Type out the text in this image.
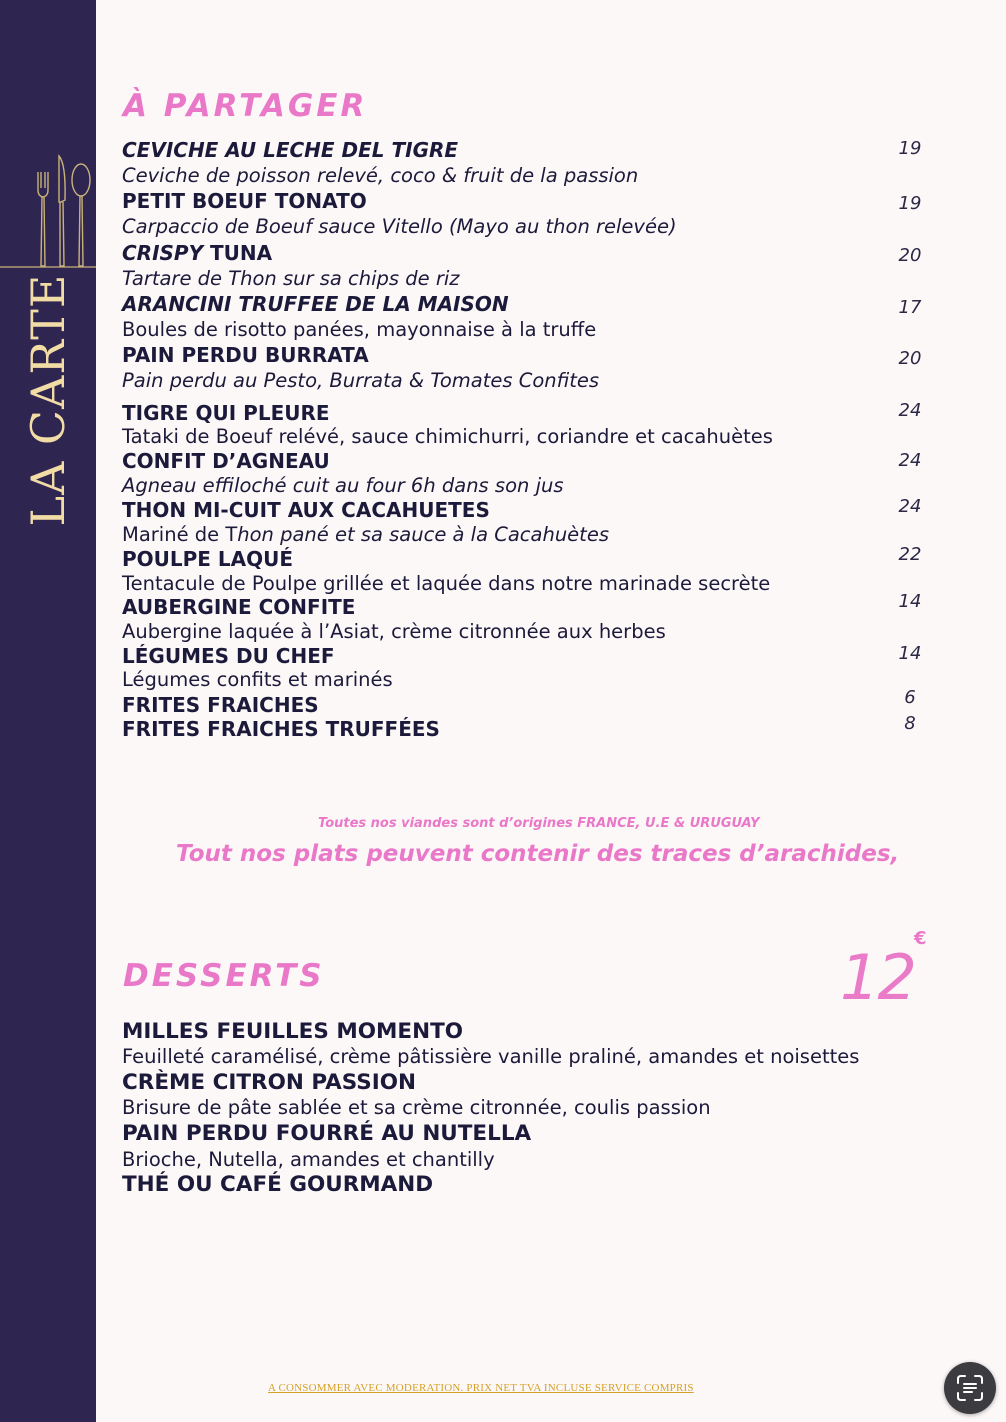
LA CARTE
À PARTAGER
CEVICHE AU LECHE DEL TIGRE	19
Ceviche de poisson relevé, coco & fruit de la passion
PETIT BOEUF TONATO	19
Carpaccio de Boeuf sauce Vitello (Mayo au thon relevée)
CRISPY TUNA	20
Tartare de Thon sur sa chips de riz
ARANCINI TRUFFEE DE LA MAISON	17
Boules de risotto panées, mayonnaise à la truffe
PAIN PERDU BURRATA	20
Pain perdu au Pesto, Burrata & Tomates Confites
TIGRE QUI PLEURE	24
Tataki de Boeuf relévé, sauce chimichurri, coriandre et cacahuètes
CONFIT D’AGNEAU	24
Agneau effiloché cuit au four 6h dans son jus
THON MI-CUIT AUX CACAHUETES	24
Mariné de Thon pané et sa sauce à la Cacahuètes
POULPE LAQUÉ	22
Tentacule de Poulpe grillée et laquée dans notre marinade secrète
AUBERGINE CONFITE	14
Aubergine laquée à l’Asiat, crème citronnée aux herbes
LÉGUMES DU CHEF	14
Légumes confits et marinés
FRITES FRAICHES	6
FRITES FRAICHES TRUFFÉES	8
Toutes nos viandes sont d’origines FRANCE, U.E & URUGUAY
Tout nos plats peuvent contenir des traces d’arachides,
DESSERTS	12
€
MILLES FEUILLES MOMENTO
Feuilleté caramélisé, crème pâtissière vanille praliné, amandes et noisettes
CRÈME CITRON PASSION
Brisure de pâte sablée et sa crème citronnée, coulis passion
PAIN PERDU FOURRÉ AU NUTELLA
Brioche, Nutella, amandes et chantilly
THÉ OU CAFÉ GOURMAND
A CONSOMMER AVEC MODERATION. PRIX NET TVA INCLUSE SERVICE COMPRIS
